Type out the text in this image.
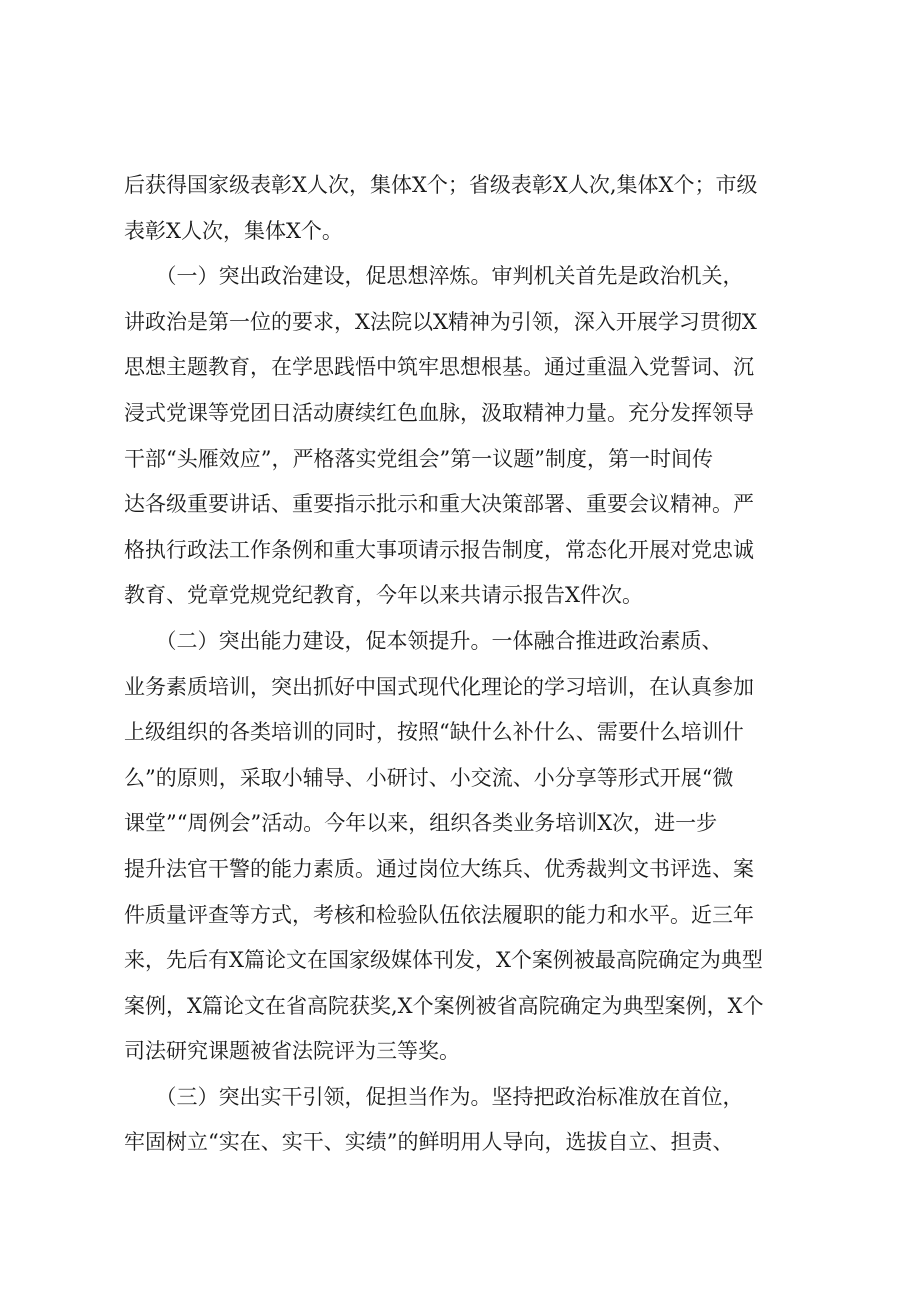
后获得国家级表彰X人次，集体X个；省级表彰X人次,集体X个；市级
表彰X人次，集体X个。
　　（一）突出政治建设，促思想淬炼。审判机关首先是政治机关，
讲政治是第一位的要求，X法院以X精神为引领，深入开展学习贯彻X
思想主题教育，在学思践悟中筑牢思想根基。通过重温入党誓词、沉
浸式党课等党团日活动赓续红色血脉，汲取精神力量。充分发挥领导
干部“头雁效应”，严格落实党组会”第一议题”制度，第一时间传
达各级重要讲话、重要指示批示和重大决策部署、重要会议精神。严
格执行政法工作条例和重大事项请示报告制度，常态化开展对党忠诚
教育、党章党规党纪教育，今年以来共请示报告X件次。
　　（二）突出能力建设，促本领提升。一体融合推进政治素质、
业务素质培训，突出抓好中国式现代化理论的学习培训，在认真参加
上级组织的各类培训的同时，按照“缺什么补什么、需要什么培训什
么”的原则，采取小辅导、小研讨、小交流、小分享等形式开展“微
课堂”“周例会”活动。今年以来，组织各类业务培训X次，进一步
提升法官干警的能力素质。通过岗位大练兵、优秀裁判文书评选、案
件质量评查等方式，考核和检验队伍依法履职的能力和水平。近三年
来，先后有X篇论文在国家级媒体刊发，X个案例被最高院确定为典型
案例，X篇论文在省高院获奖,X个案例被省高院确定为典型案例，X个
司法研究课题被省法院评为三等奖。
　　（三）突出实干引领，促担当作为。坚持把政治标准放在首位，
牢固树立“实在、实干、实绩”的鲜明用人导向，选拔自立、担责、
